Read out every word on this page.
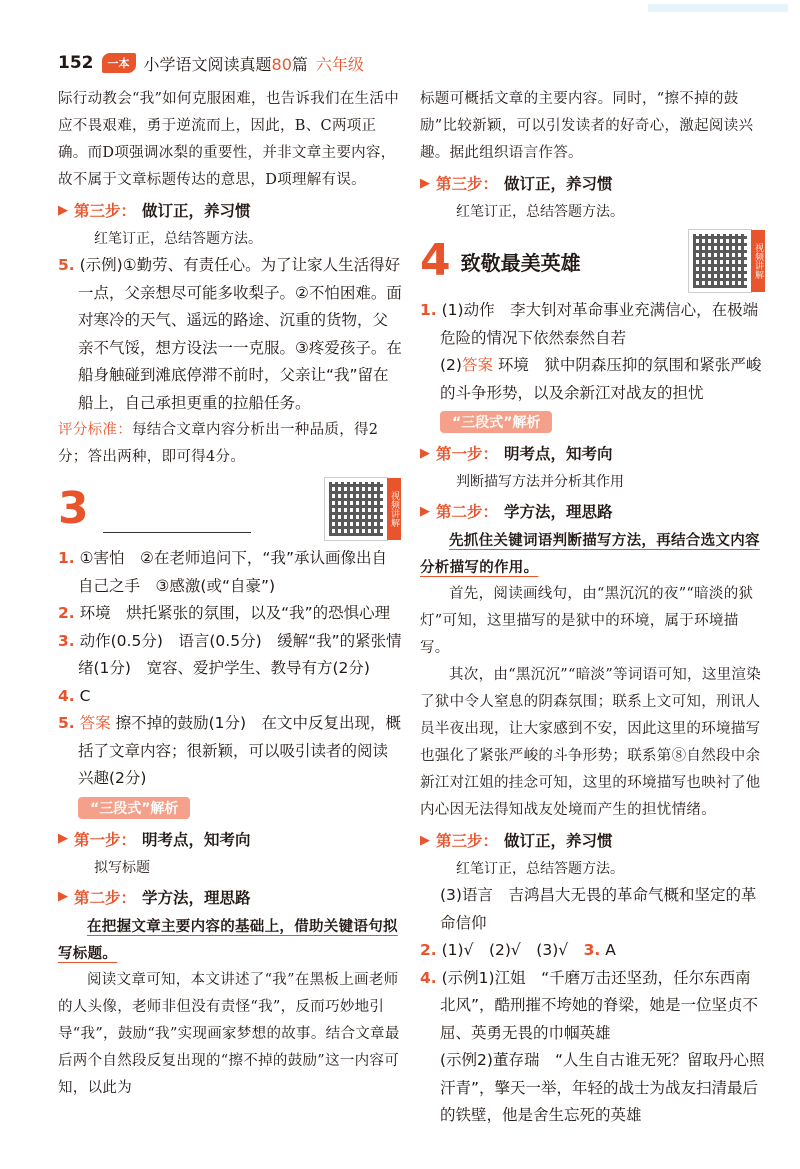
152	一本 小学语文阅读真题80篇 六年级

际行动教会“我”如何克服困难，也告诉我们在生活中应不畏艰难，勇于逆流而上，因此，B、C两项正确。而D项强调冰梨的重要性，并非文章主要内容，故不属于文章标题传达的意思，D项理解有误。

▶ 第三步： 做订正，养习惯

红笔订正，总结答题方法。

5. (示例)①勤劳、有责任心。为了让家人生活得好一点，父亲想尽可能多收梨子。②不怕困难。面对寒冷的天气、遥远的路途、沉重的货物，父亲不气馁，想方设法一一克服。③疼爱孩子。在船身触碰到滩底停滞不前时，父亲让“我”留在船上，自己承担更重的拉船任务。

评分标准：每结合文章内容分析出一种品质，得2分；答出两种，即可得4分。

3	视频讲解

1. ①害怕　②在老师追问下，“我”承认画像出自自己之手　③感激(或“自豪”)

2. 环境　烘托紧张的氛围，以及“我”的恐惧心理

3. 动作(0.5分)　语言(0.5分)　缓解“我”的紧张情绪(1分)　宽容、爱护学生、教导有方(2分)

4. C

5. 答案 擦不掉的鼓励(1分)　在文中反复出现，概括了文章内容；很新颖，可以吸引读者的阅读兴趣(2分)

“三段式”解析
▶ 第一步： 明考点，知考向

拟写标题

▶ 第二步： 学方法，理思路

在把握文章主要内容的基础上，借助关键语句拟写标题。

阅读文章可知，本文讲述了“我”在黑板上画老师的人头像，老师非但没有责怪“我”，反而巧妙地引导“我”，鼓励“我”实现画家梦想的故事。结合文章最后两个自然段反复出现的“擦不掉的鼓励”这一内容可知，以此为

标题可概括文章的主要内容。同时，“擦不掉的鼓励”比较新颖，可以引发读者的好奇心，激起阅读兴趣。据此组织语言作答。

▶ 第三步： 做订正，养习惯

红笔订正，总结答题方法。

4 致敬最美英雄	视频讲解

1. (1)动作　李大钊对革命事业充满信心，在极端危险的情况下依然泰然自若

(2)答案 环境　狱中阴森压抑的氛围和紧张严峻的斗争形势，以及余新江对战友的担忧

“三段式”解析
▶ 第一步： 明考点，知考向

判断描写方法并分析其作用

▶ 第二步： 学方法，理思路

先抓住关键词语判断描写方法，再结合选文内容分析描写的作用。

首先，阅读画线句，由“黑沉沉的夜”“暗淡的狱灯”可知，这里描写的是狱中的环境，属于环境描写。

其次，由“黑沉沉”“暗淡”等词语可知，这里渲染了狱中令人窒息的阴森氛围；联系上文可知，刑讯人员半夜出现，让大家感到不安，因此这里的环境描写也强化了紧张严峻的斗争形势；联系第⑧自然段中余新江对江姐的挂念可知，这里的环境描写也映衬了他内心因无法得知战友处境而产生的担忧情绪。

▶ 第三步： 做订正，养习惯

红笔订正，总结答题方法。

(3)语言　吉鸿昌大无畏的革命气概和坚定的革命信仰

2. (1)√　(2)√　(3)√　 3. A

4. (示例1)江姐　“千磨万击还坚劲，任尔东西南北风”，酷刑摧不垮她的脊梁，她是一位坚贞不屈、英勇无畏的巾帼英雄

(示例2)董存瑞　“人生自古谁无死？留取丹心照汗青”，擎天一举，年轻的战士为战友扫清最后的铁壁，他是舍生忘死的英雄
